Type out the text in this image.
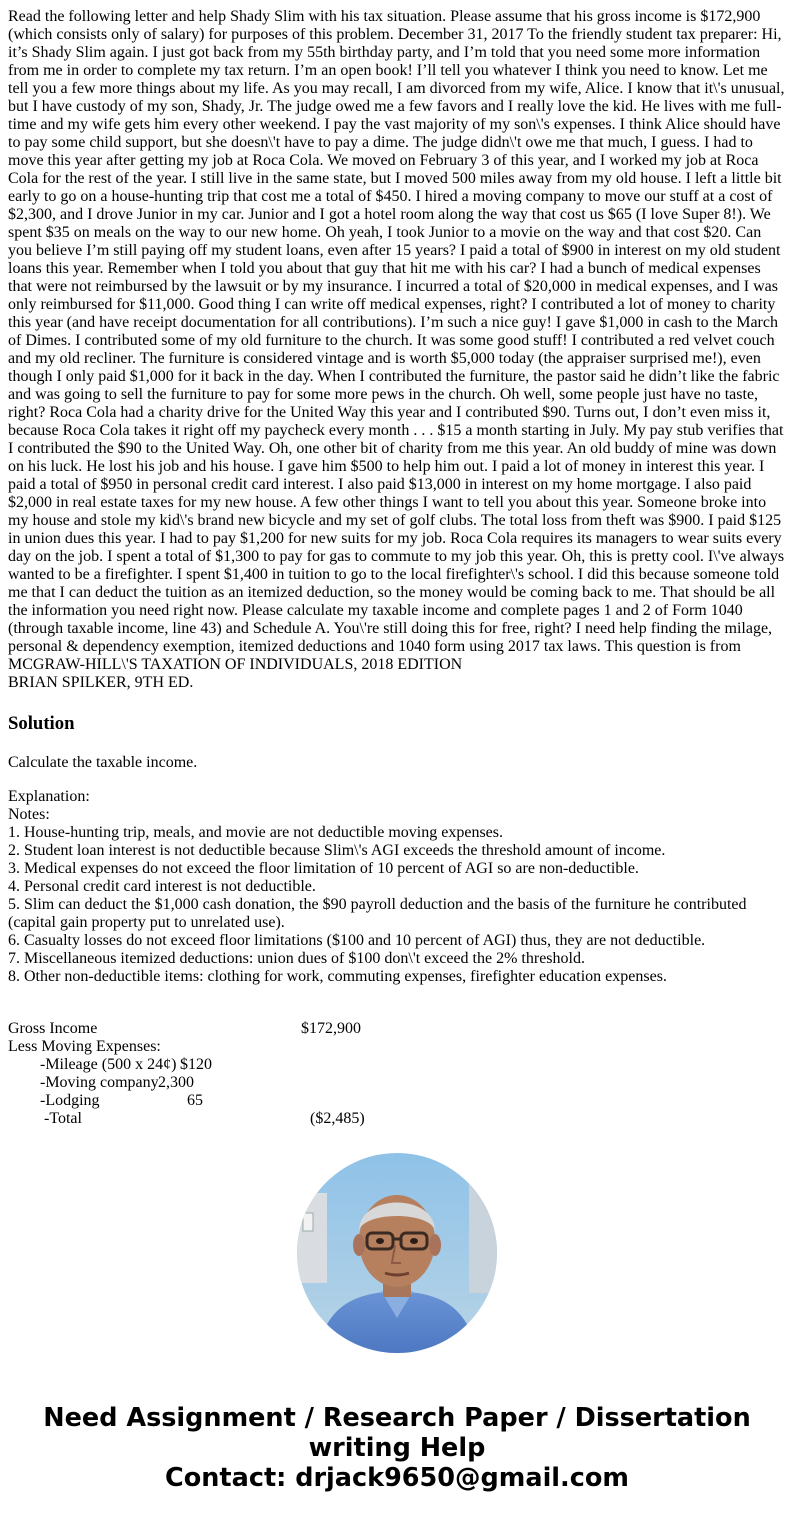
Read the following letter and help Shady Slim with his tax situation. Please assume that his gross income is $172,900 (which consists only of salary) for purposes of this problem. December 31, 2017 To the friendly student tax preparer: Hi, it’s Shady Slim again. I just got back from my 55th birthday party, and I’m told that you need some more information from me in order to complete my tax return. I’m an open book! I’ll tell you whatever I think you need to know. Let me tell you a few more things about my life. As you may recall, I am divorced from my wife, Alice. I know that it\'s unusual, but I have custody of my son, Shady, Jr. The judge owed me a few favors and I really love the kid. He lives with me full-time and my wife gets him every other weekend. I pay the vast majority of my son\'s expenses. I think Alice should have to pay some child support, but she doesn\'t have to pay a dime. The judge didn\'t owe me that much, I guess. I had to move this year after getting my job at Roca Cola. We moved on February 3 of this year, and I worked my job at Roca Cola for the rest of the year. I still live in the same state, but I moved 500 miles away from my old house. I left a little bit early to go on a house-hunting trip that cost me a total of $450. I hired a moving company to move our stuff at a cost of $2,300, and I drove Junior in my car. Junior and I got a hotel room along the way that cost us $65 (I love Super 8!). We spent $35 on meals on the way to our new home. Oh yeah, I took Junior to a movie on the way and that cost $20. Can you believe I’m still paying off my student loans, even after 15 years? I paid a total of $900 in interest on my old student loans this year. Remember when I told you about that guy that hit me with his car? I had a bunch of medical expenses that were not reimbursed by the lawsuit or by my insurance. I incurred a total of $20,000 in medical expenses, and I was only reimbursed for $11,000. Good thing I can write off medical expenses, right? I contributed a lot of money to charity this year (and have receipt documentation for all contributions). I’m such a nice guy! I gave $1,000 in cash to the March of Dimes. I contributed some of my old furniture to the church. It was some good stuff! I contributed a red velvet couch and my old recliner. The furniture is considered vintage and is worth $5,000 today (the appraiser surprised me!), even though I only paid $1,000 for it back in the day. When I contributed the furniture, the pastor said he didn’t like the fabric and was going to sell the furniture to pay for some more pews in the church. Oh well, some people just have no taste, right? Roca Cola had a charity drive for the United Way this year and I contributed $90. Turns out, I don’t even miss it, because Roca Cola takes it right off my paycheck every month . . . $15 a month starting in July. My pay stub verifies that I contributed the $90 to the United Way. Oh, one other bit of charity from me this year. An old buddy of mine was down on his luck. He lost his job and his house. I gave him $500 to help him out. I paid a lot of money in interest this year. I paid a total of $950 in personal credit card interest. I also paid $13,000 in interest on my home mortgage. I also paid $2,000 in real estate taxes for my new house. A few other things I want to tell you about this year. Someone broke into my house and stole my kid\'s brand new bicycle and my set of golf clubs. The total loss from theft was $900. I paid $125 in union dues this year. I had to pay $1,200 for new suits for my job. Roca Cola requires its managers to wear suits every day on the job. I spent a total of $1,300 to pay for gas to commute to my job this year. Oh, this is pretty cool. I\'ve always wanted to be a firefighter. I spent $1,400 in tuition to go to the local firefighter\'s school. I did this because someone told me that I can deduct the tuition as an itemized deduction, so the money would be coming back to me. That should be all the information you need right now. Please calculate my taxable income and complete pages 1 and 2 of Form 1040 (through taxable income, line 43) and Schedule A. You\'re still doing this for free, right? I need help finding the milage, personal & dependency exemption, itemized deductions and 1040 form using 2017 tax laws. This question is from
MCGRAW-HILL\'S TAXATION OF INDIVIDUALS, 2018 EDITION
BRIAN SPILKER, 9TH ED.
Solution

Calculate the taxable income.

Explanation:
Notes:
1. House-hunting trip, meals, and movie are not deductible moving expenses.
2. Student loan interest is not deductible because Slim\'s AGI exceeds the threshold amount of income.
3. Medical expenses do not exceed the floor limitation of 10 percent of AGI so are non-deductible.
4. Personal credit card interest is not deductible.
5. Slim can deduct the $1,000 cash donation, the $90 payroll deduction and the basis of the furniture he contributed (capital gain property put to unrelated use).
6. Casualty losses do not exceed floor limitations ($100 and 10 percent of AGI) thus, they are not deductible.
7. Miscellaneous itemized deductions: union dues of $100 don\'t exceed the 2% threshold.
8. Other non-deductible items: clothing for work, commuting expenses, firefighter education expenses.
Gross Income	$172,900
Less Moving Expenses:
-Mileage (500 x 24¢) $120
-Moving company 2,300
-Lodging	65
-Total	($2,485)
Need Assignment / Research Paper / Dissertation
writing Help
Contact: drjack9650@gmail.com
